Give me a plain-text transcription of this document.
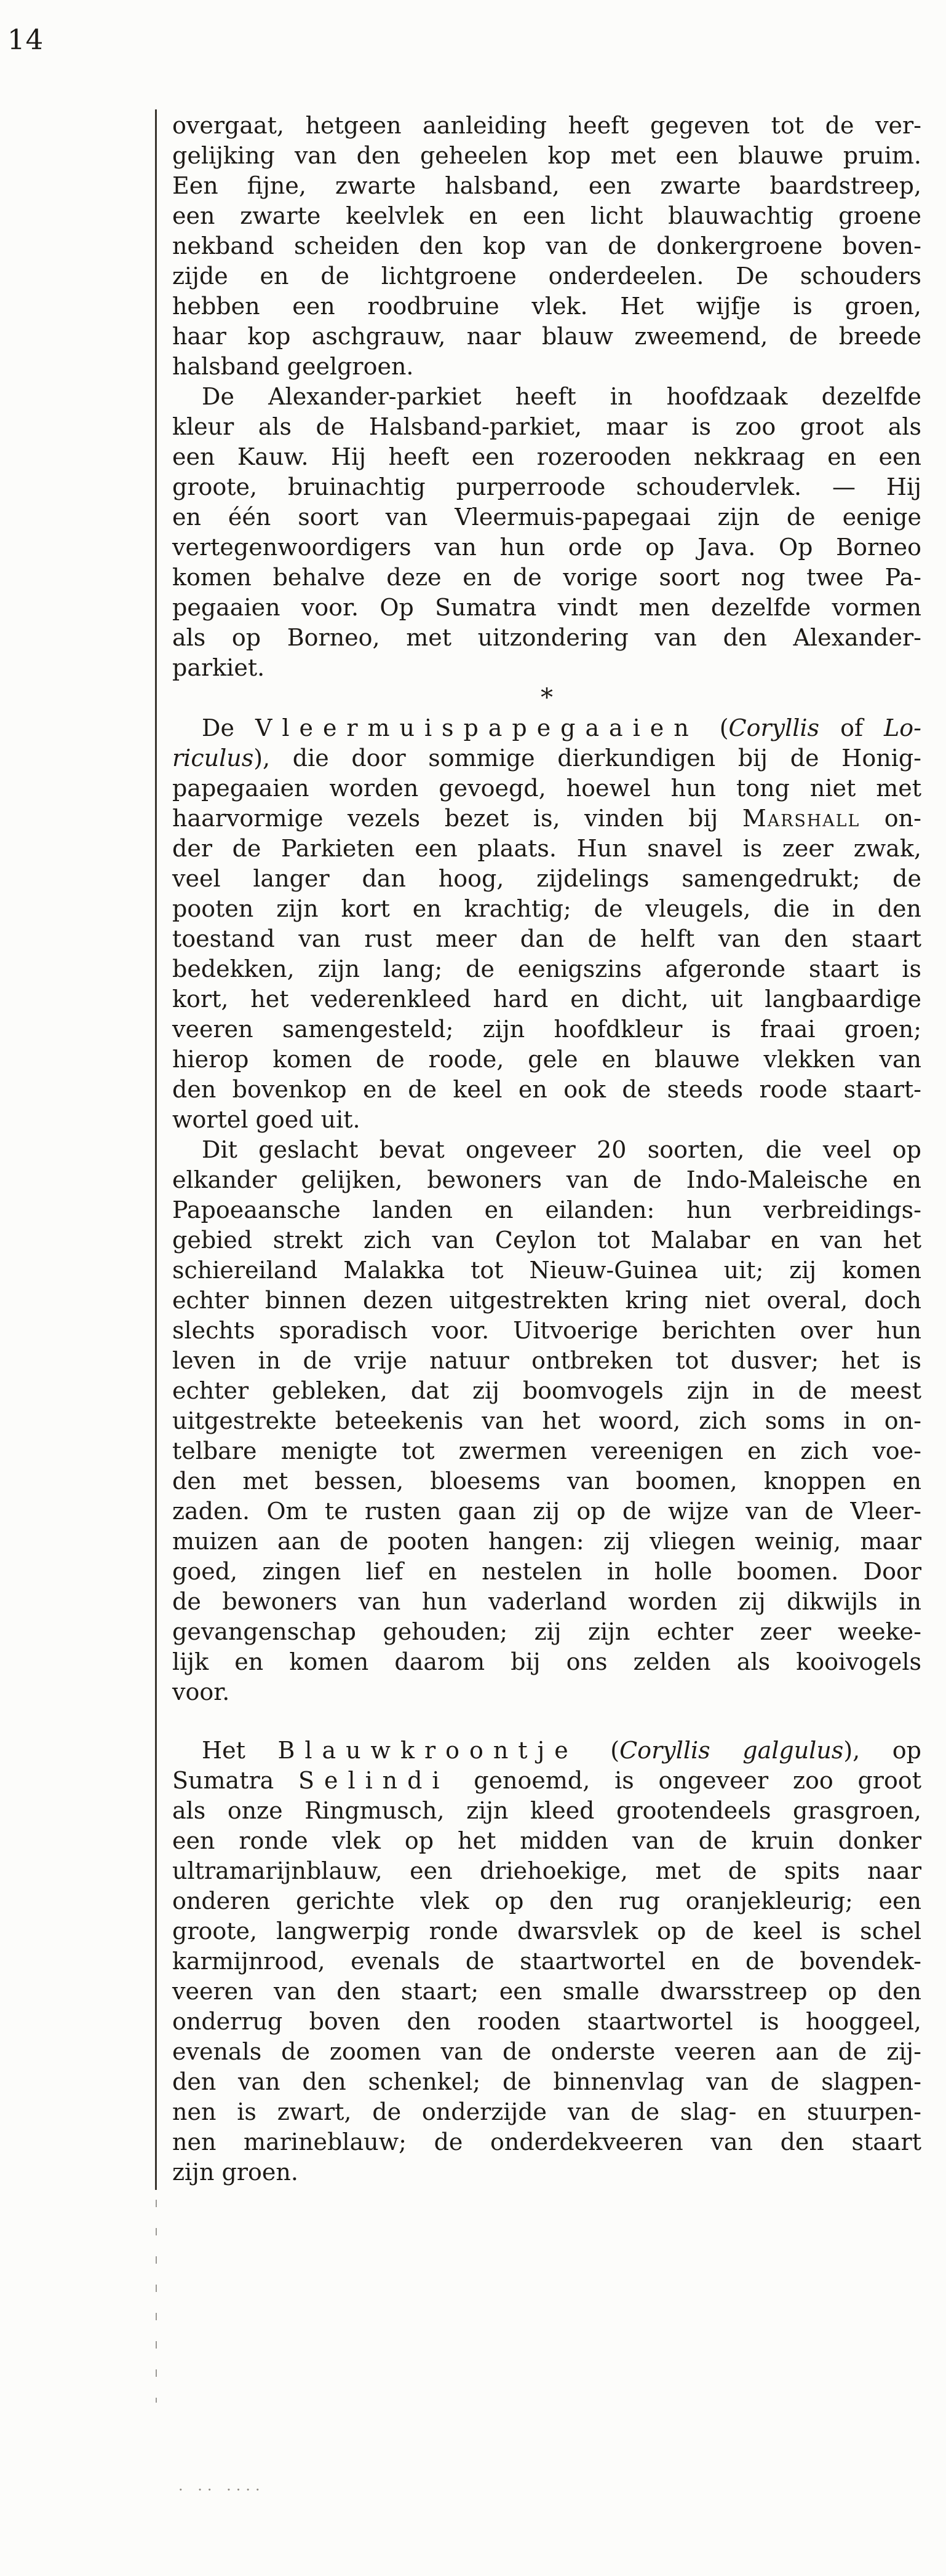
14
overgaat, hetgeen aanleiding heeft gegeven tot de ver-
gelijking van den geheelen kop met een blauwe pruim.
Een fijne, zwarte halsband, een zwarte baardstreep,
een zwarte keelvlek en een licht blauwachtig groene
nekband scheiden den kop van de donkergroene boven-
zijde en de lichtgroene onderdeelen. De schouders
hebben een roodbruine vlek. Het wijfje is groen,
haar kop aschgrauw, naar blauw zweemend, de breede
halsband geelgroen.
De Alexander-parkiet heeft in hoofdzaak dezelfde
kleur als de Halsband-parkiet, maar is zoo groot als
een Kauw. Hij heeft een rozerooden nekkraag en een
groote, bruinachtig purperroode schoudervlek. — Hij
en één soort van Vleermuis-papegaai zijn de eenige
vertegenwoordigers van hun orde op Java. Op Borneo
komen behalve deze en de vorige soort nog twee Pa-
pegaaien voor. Op Sumatra vindt men dezelfde vormen
als op Borneo, met uitzondering van den Alexander-
parkiet.
*
De Vleermuispapegaaien (Coryllis of Lo-
riculus), die door sommige dierkundigen bij de Honig-
papegaaien worden gevoegd, hoewel hun tong niet met
haarvormige vezels bezet is, vinden bij Marshall on-
der de Parkieten een plaats. Hun snavel is zeer zwak,
veel langer dan hoog, zijdelings samengedrukt; de
pooten zijn kort en krachtig; de vleugels, die in den
toestand van rust meer dan de helft van den staart
bedekken, zijn lang; de eenigszins afgeronde staart is
kort, het vederenkleed hard en dicht, uit langbaardige
veeren samengesteld; zijn hoofdkleur is fraai groen;
hierop komen de roode, gele en blauwe vlekken van
den bovenkop en de keel en ook de steeds roode staart-
wortel goed uit.
Dit geslacht bevat ongeveer 20 soorten, die veel op
elkander gelijken, bewoners van de Indo-Maleische en
Papoeaansche landen en eilanden: hun verbreidings-
gebied strekt zich van Ceylon tot Malabar en van het
schiereiland Malakka tot Nieuw-Guinea uit; zij komen
echter binnen dezen uitgestrekten kring niet overal, doch
slechts sporadisch voor. Uitvoerige berichten over hun
leven in de vrije natuur ontbreken tot dusver; het is
echter gebleken, dat zij boomvogels zijn in de meest
uitgestrekte beteekenis van het woord, zich soms in on-
telbare menigte tot zwermen vereenigen en zich voe-
den met bessen, bloesems van boomen, knoppen en
zaden. Om te rusten gaan zij op de wijze van de Vleer-
muizen aan de pooten hangen: zij vliegen weinig, maar
goed, zingen lief en nestelen in holle boomen. Door
de bewoners van hun vaderland worden zij dikwijls in
gevangenschap gehouden; zij zijn echter zeer weeke-
lijk en komen daarom bij ons zelden als kooivogels
voor.
Het Blauwkroontje (Coryllis galgulus), op
Sumatra Selindi genoemd, is ongeveer zoo groot
als onze Ringmusch, zijn kleed grootendeels grasgroen,
een ronde vlek op het midden van de kruin donker
ultramarijnblauw, een driehoekige, met de spits naar
onderen gerichte vlek op den rug oranjekleurig; een
groote, langwerpig ronde dwarsvlek op de keel is schel
karmijnrood, evenals de staartwortel en de bovendek-
veeren van den staart; een smalle dwarsstreep op den
onderrug boven den rooden staartwortel is hooggeel,
evenals de zoomen van de onderste veeren aan de zij-
den van den schenkel; de binnenvlag van de slagpen-
nen is zwart, de onderzijde van de slag- en stuurpen-
nen marineblauw; de onderdekveeren van den staart
zijn groen.
· ·· ····
